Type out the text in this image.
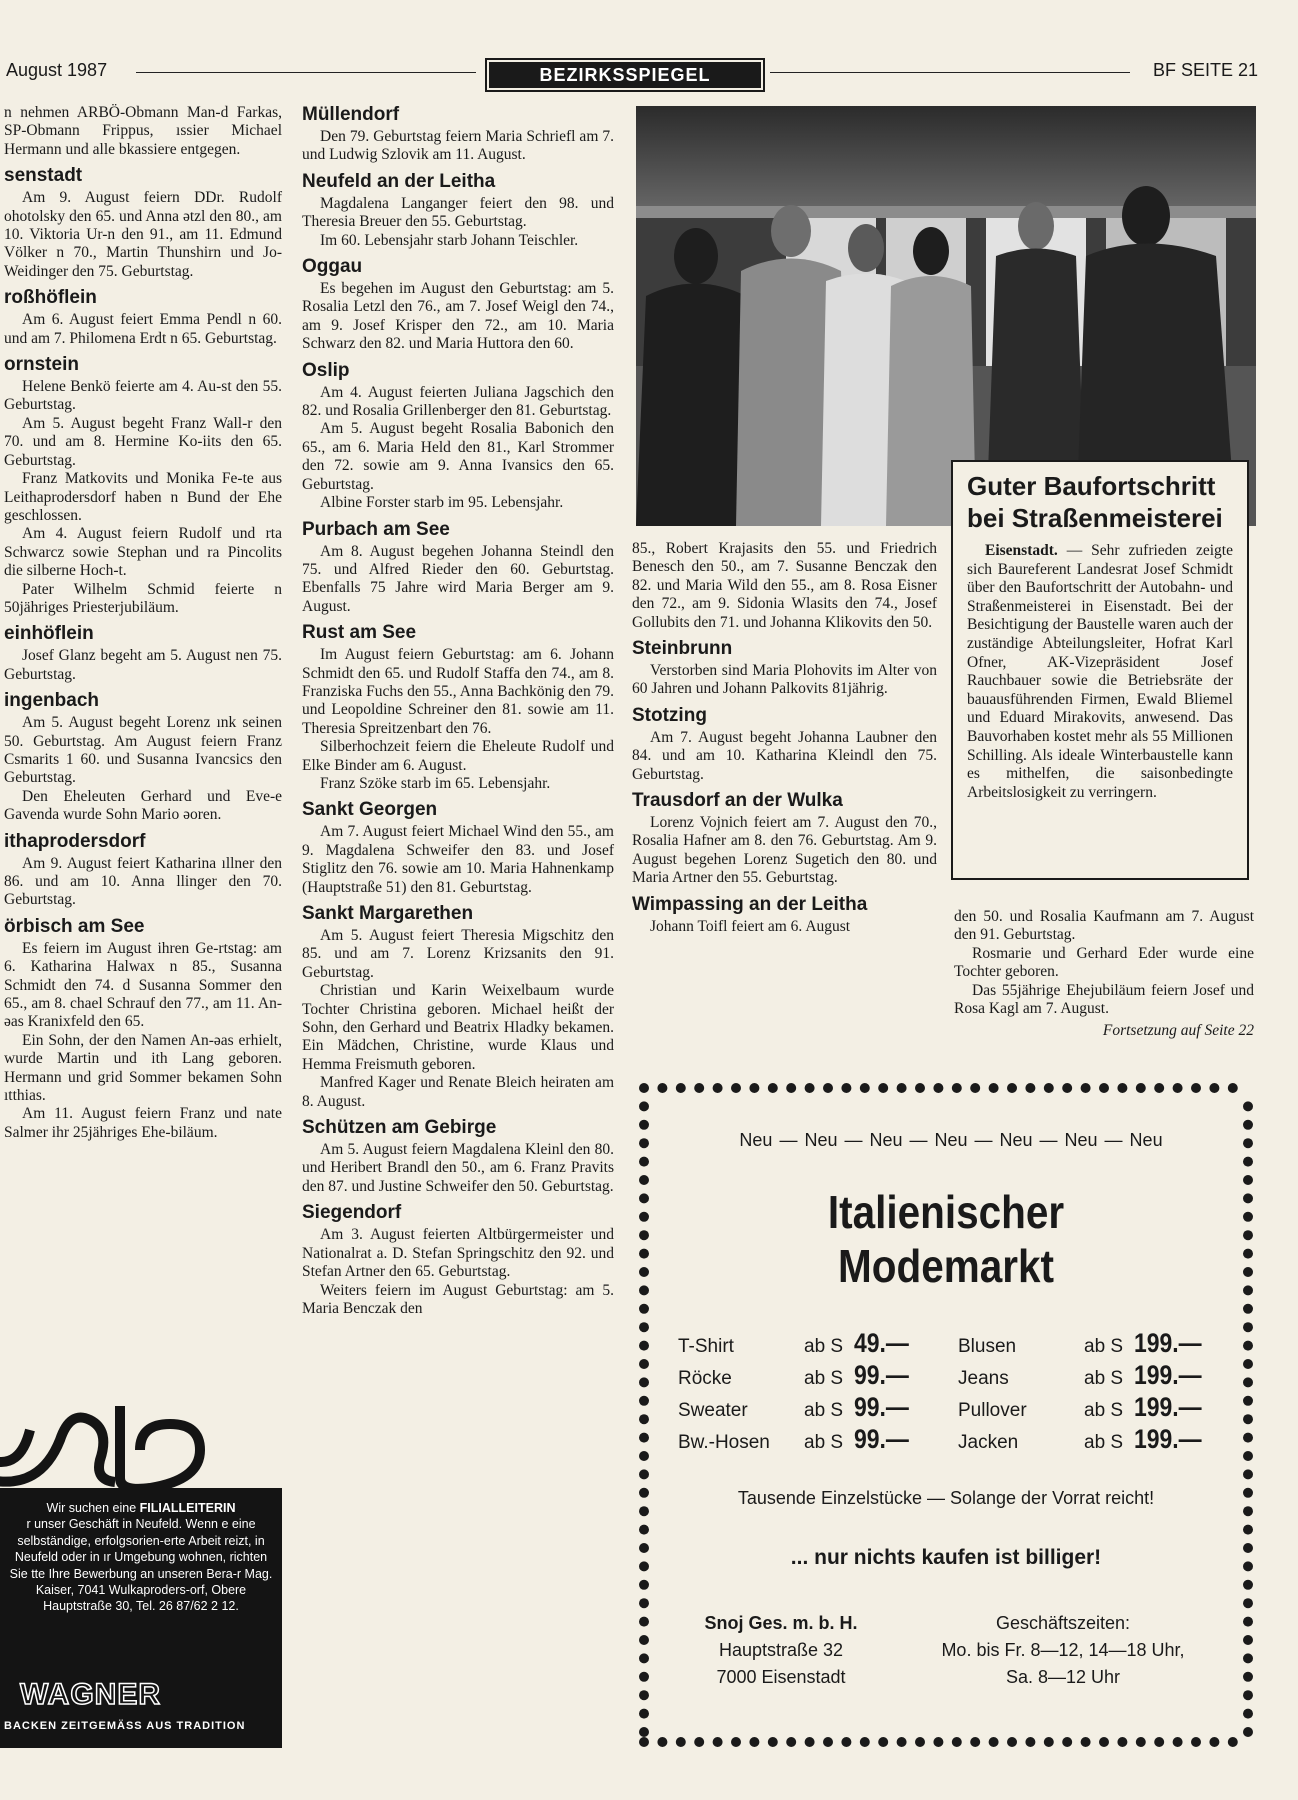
August 1987	BEZIRKSSPIEGEL	BF SEITE 21

n nehmen ARBÖ-Obmann Man-d Farkas, SP-Obmann Frippus, ıssier Michael Hermann und alle bkassiere entgegen.

senstadt

Am 9. August feiern DDr. Rudolf ohotolsky den 65. und Anna ətzl den 80., am 10. Viktoria Ur-n den 91., am 11. Edmund Völker n 70., Martin Thunshirn und Jo- Weidinger den 75. Geburtstag.

roßhöflein

Am 6. August feiert Emma Pendl n 60. und am 7. Philomena Erdt n 65. Geburtstag.

ornstein

Helene Benkö feierte am 4. Au-st den 55. Geburtstag.

Am 5. August begeht Franz Wall-r den 70. und am 8. Hermine Ko-iits den 65. Geburtstag.

Franz Matkovits und Monika Fe-te aus Leithaprodersdorf haben n Bund der Ehe geschlossen.

Am 4. August feiern Rudolf und rta Schwarcz sowie Stephan und ra Pincolits die silberne Hoch-t.

Pater Wilhelm Schmid feierte n 50jähriges Priesterjubiläum.

einhöflein

Josef Glanz begeht am 5. August nen 75. Geburtstag.

ingenbach

Am 5. August begeht Lorenz ınk seinen 50. Geburtstag. Am August feiern Franz Csmarits 1 60. und Susanna Ivancsics den Geburtstag.

Den Eheleuten Gerhard und Eve-e Gavenda wurde Sohn Mario əoren.

ithaprodersdorf

Am 9. August feiert Katharina ıllner den 86. und am 10. Anna llinger den 70. Geburtstag.

örbisch am See

Es feiern im August ihren Ge-rtstag: am 6. Katharina Halwax n 85., Susanna Schmidt den 74. d Susanna Sommer den 65., am 8. chael Schrauf den 77., am 11. An-əas Kranixfeld den 65.

Ein Sohn, der den Namen An-əas erhielt, wurde Martin und ith Lang geboren. Hermann und grid Sommer bekamen Sohn ıtthias.

Am 11. August feiern Franz und nate Salmer ihr 25jähriges Ehe-biläum.

Wir suchen eine FILIALLEITERIN
r unser Geschäft in Neufeld. Wenn e eine selbständige, erfolgsorien-erte Arbeit reizt, in Neufeld oder in ır Umgebung wohnen, richten Sie tte Ihre Bewerbung an unseren Bera-r Mag. Kaiser, 7041 Wulkaproders-orf, Obere Hauptstraße 30, Tel. 26 87/62 2 12.
WAGNER
BACKEN ZEITGEMÄSS AUS TRADITION
Müllendorf

Den 79. Geburtstag feiern Maria Schriefl am 7. und Ludwig Szlovik am 11. August.

Neufeld an der Leitha

Magdalena Langanger feiert den 98. und Theresia Breuer den 55. Geburtstag.

Im 60. Lebensjahr starb Johann Teischler.

Oggau

Es begehen im August den Geburtstag: am 5. Rosalia Letzl den 76., am 7. Josef Weigl den 74., am 9. Josef Krisper den 72., am 10. Maria Schwarz den 82. und Maria Huttora den 60.

Oslip

Am 4. August feierten Juliana Jagschich den 82. und Rosalia Grillenberger den 81. Geburtstag.

Am 5. August begeht Rosalia Babonich den 65., am 6. Maria Held den 81., Karl Strommer den 72. sowie am 9. Anna Ivansics den 65. Geburtstag.

Albine Forster starb im 95. Lebensjahr.

Purbach am See

Am 8. August begehen Johanna Steindl den 75. und Alfred Rieder den 60. Geburtstag. Ebenfalls 75 Jahre wird Maria Berger am 9. August.

Rust am See

Im August feiern Geburtstag: am 6. Johann Schmidt den 65. und Rudolf Staffa den 74., am 8. Franziska Fuchs den 55., Anna Bachkönig den 79. und Leopoldine Schreiner den 81. sowie am 11. Theresia Spreitzenbart den 76.

Silberhochzeit feiern die Eheleute Rudolf und Elke Binder am 6. August.

Franz Szöke starb im 65. Lebensjahr.

Sankt Georgen

Am 7. August feiert Michael Wind den 55., am 9. Magdalena Schweifer den 83. und Josef Stiglitz den 76. sowie am 10. Maria Hahnenkamp (Hauptstraße 51) den 81. Geburtstag.

Sankt Margarethen

Am 5. August feiert Theresia Migschitz den 85. und am 7. Lorenz Krizsanits den 91. Geburtstag.

Christian und Karin Weixelbaum wurde Tochter Christina geboren. Michael heißt der Sohn, den Gerhard und Beatrix Hladky bekamen. Ein Mädchen, Christine, wurde Klaus und Hemma Freismuth geboren.

Manfred Kager und Renate Bleich heiraten am 8. August.

Schützen am Gebirge

Am 5. August feiern Magdalena Kleinl den 80. und Heribert Brandl den 50., am 6. Franz Pravits den 87. und Justine Schweifer den 50. Geburtstag.

Siegendorf

Am 3. August feierten Altbürgermeister und Nationalrat a. D. Stefan Springschitz den 92. und Stefan Artner den 65. Geburtstag.

Weiters feiern im August Geburtstag: am 5. Maria Benczak den

Guter Baufortschritt bei Straßenmeisterei

Eisenstadt. — Sehr zufrieden zeigte sich Baureferent Landesrat Josef Schmidt über den Baufortschritt der Autobahn- und Straßenmeisterei in Eisenstadt. Bei der Besichtigung der Baustelle waren auch der zuständige Abteilungsleiter, Hofrat Karl Ofner, AK-Vizepräsident Josef Rauchbauer sowie die Betriebsräte der bauausführenden Firmen, Ewald Bliemel und Eduard Mirakovits, anwesend. Das Bauvorhaben kostet mehr als 55 Millionen Schilling. Als ideale Winterbaustelle kann es mithelfen, die saisonbedingte Arbeitslosigkeit zu verringern.

85., Robert Krajasits den 55. und Friedrich Benesch den 50., am 7. Susanne Benczak den 82. und Maria Wild den 55., am 8. Rosa Eisner den 72., am 9. Sidonia Wlasits den 74., Josef Gollubits den 71. und Johanna Klikovits den 50.

Steinbrunn

Verstorben sind Maria Plohovits im Alter von 60 Jahren und Johann Palkovits 81jährig.

Stotzing

Am 7. August begeht Johanna Laubner den 84. und am 10. Katharina Kleindl den 75. Geburtstag.

Trausdorf an der Wulka

Lorenz Vojnich feiert am 7. August den 70., Rosalia Hafner am 8. den 76. Geburtstag. Am 9. August begehen Lorenz Sugetich den 80. und Maria Artner den 55. Geburtstag.

Wimpassing an der Leitha

Johann Toifl feiert am 6. August

den 50. und Rosalia Kaufmann am 7. August den 91. Geburtstag.

Rosmarie und Gerhard Eder wurde eine Tochter geboren.

Das 55jährige Ehejubiläum feiern Josef und Rosa Kagl am 7. August.

Fortsetzung auf Seite 22
Neu — Neu — Neu — Neu — Neu — Neu — Neu
Italienischer
Modemarkt
T-Shirt	ab S 49.—	Blusen	ab S 199.—
Röcke	ab S 99.—	Jeans	ab S 199.—
Sweater	ab S 99.—	Pullover	ab S 199.—
Bw.-Hosen	ab S 99.—	Jacken	ab S 199.—
Tausende Einzelstücke — Solange der Vorrat reicht!
... nur nichts kaufen ist billiger!
Snoj Ges. m. b. H.
Hauptstraße 32
7000 Eisenstadt
Geschäftszeiten:
Mo. bis Fr. 8—12, 14—18 Uhr,
Sa. 8—12 Uhr
